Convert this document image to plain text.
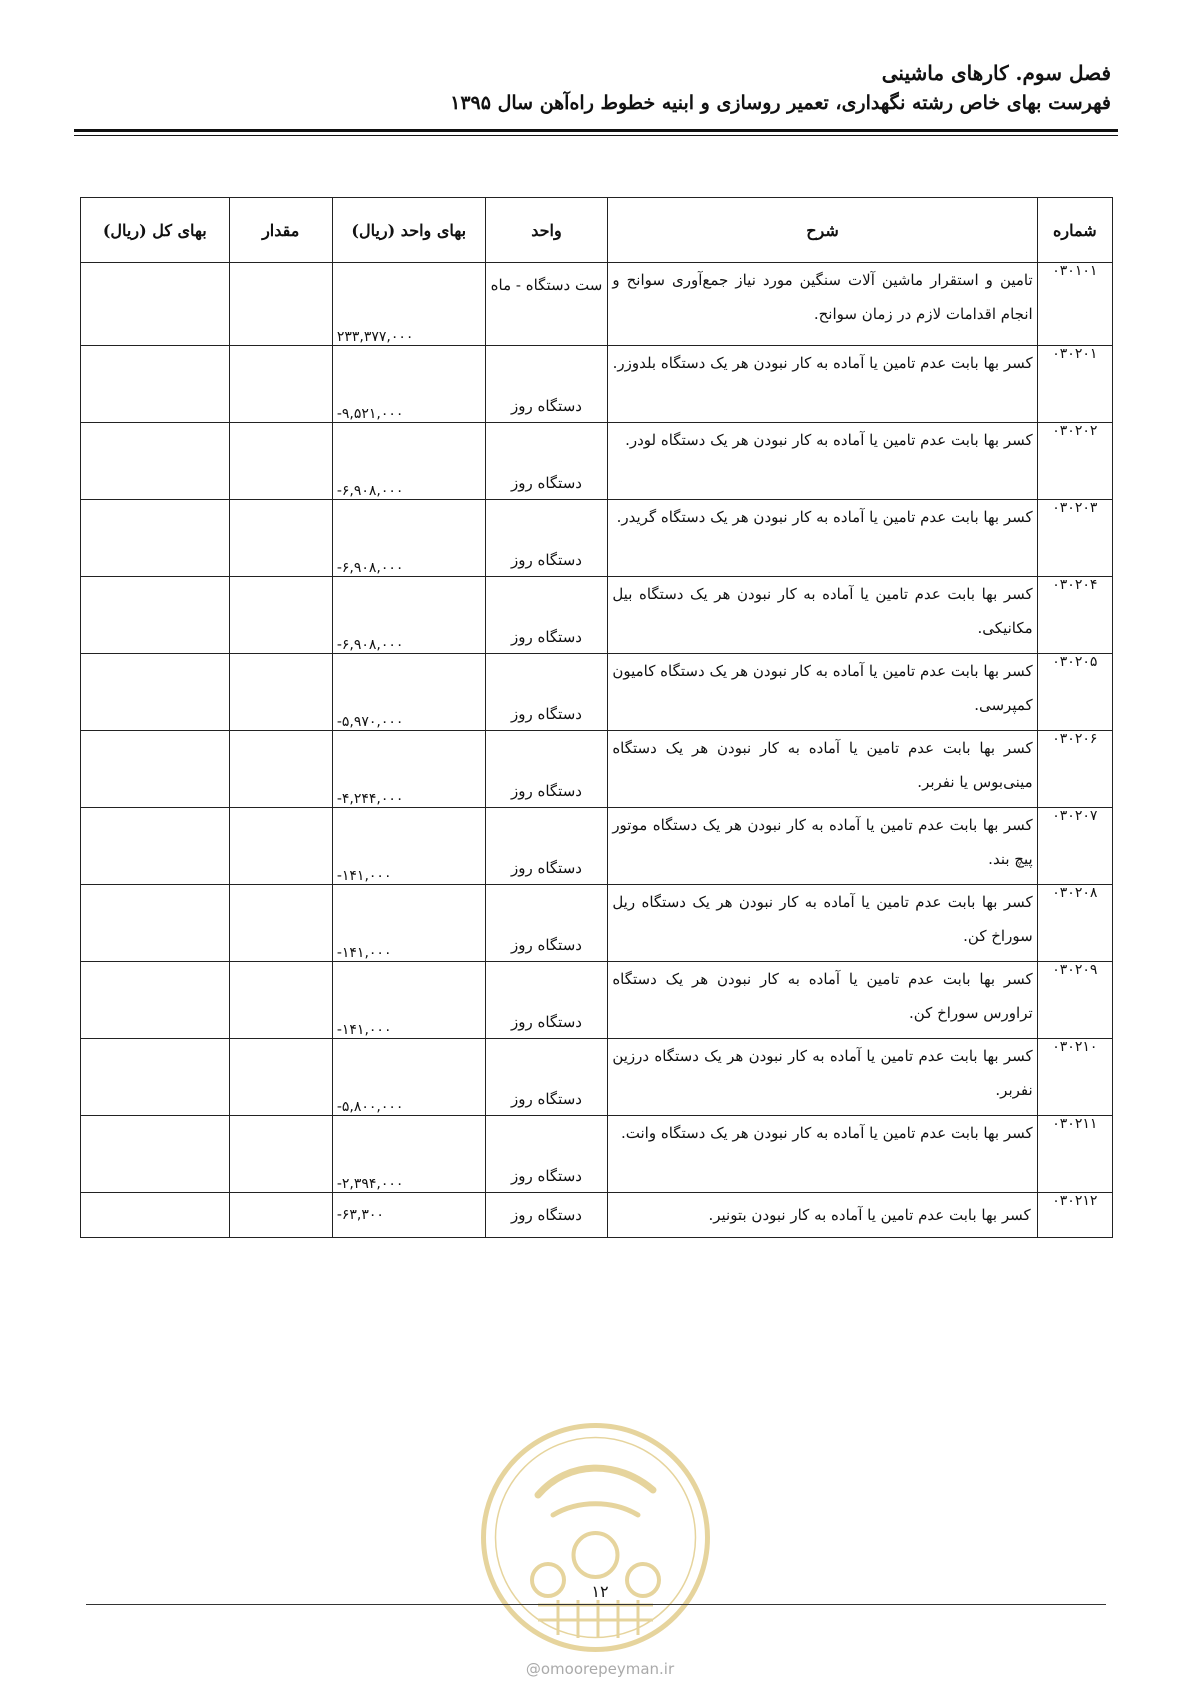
فصل سوم. کارهای ماشینی

فهرست بهای خاص رشته نگهداری، تعمیر روسازی و ابنیه خطوط راه‌آهن سال ۱۳۹۵

شماره	شرح	واحد	بهای واحد (ریال)	مقدار	بهای کل (ریال)
۰۳۰۱۰۱	تامین و استقرار ماشین آلات سنگین مورد نیاز جمع‌آوری سوانح و انجام اقدامات لازم در زمان سوانح.	ست دستگاه - ماه	۲۳۳,۳۷۷,۰۰۰		
۰۳۰۲۰۱	کسر بها بابت عدم تامین یا آماده به کار نبودن هر یک دستگاه بلدوزر.	دستگاه روز	-۹,۵۲۱,۰۰۰		
۰۳۰۲۰۲	کسر بها بابت عدم تامین یا آماده به کار نبودن هر یک دستگاه لودر.	دستگاه روز	-۶,۹۰۸,۰۰۰		
۰۳۰۲۰۳	کسر بها بابت عدم تامین یا آماده به کار نبودن هر یک دستگاه گریدر.	دستگاه روز	-۶,۹۰۸,۰۰۰		
۰۳۰۲۰۴	کسر بها بابت عدم تامین یا آماده به کار نبودن هر یک دستگاه بیل مکانیکی.	دستگاه روز	-۶,۹۰۸,۰۰۰		
۰۳۰۲۰۵	کسر بها بابت عدم تامین یا آماده به کار نبودن هر یک دستگاه کامیون کمپرسی.	دستگاه روز	-۵,۹۷۰,۰۰۰		
۰۳۰۲۰۶	کسر بها بابت عدم تامین یا آماده به کار نبودن هر یک دستگاه مینی‌بوس یا نفربر.	دستگاه روز	-۴,۲۴۴,۰۰۰		
۰۳۰۲۰۷	کسر بها بابت عدم تامین یا آماده به کار نبودن هر یک دستگاه موتور پیچ بند.	دستگاه روز	-۱۴۱,۰۰۰		
۰۳۰۲۰۸	کسر بها بابت عدم تامین یا آماده به کار نبودن هر یک دستگاه ریل سوراخ کن.	دستگاه روز	-۱۴۱,۰۰۰		
۰۳۰۲۰۹	کسر بها بابت عدم تامین یا آماده به کار نبودن هر یک دستگاه تراورس سوراخ کن.	دستگاه روز	-۱۴۱,۰۰۰		
۰۳۰۲۱۰	کسر بها بابت عدم تامین یا آماده به کار نبودن هر یک دستگاه درزین نفربر.	دستگاه روز	-۵,۸۰۰,۰۰۰		
۰۳۰۲۱۱	کسر بها بابت عدم تامین یا آماده به کار نبودن هر یک دستگاه وانت.	دستگاه روز	-۲,۳۹۴,۰۰۰		
۰۳۰۲۱۲	کسر بها بابت عدم تامین یا آماده به کار نبودن بتونیر.	دستگاه روز	-۶۳,۳۰۰		
۱۲
@omoorepeyman.ir
